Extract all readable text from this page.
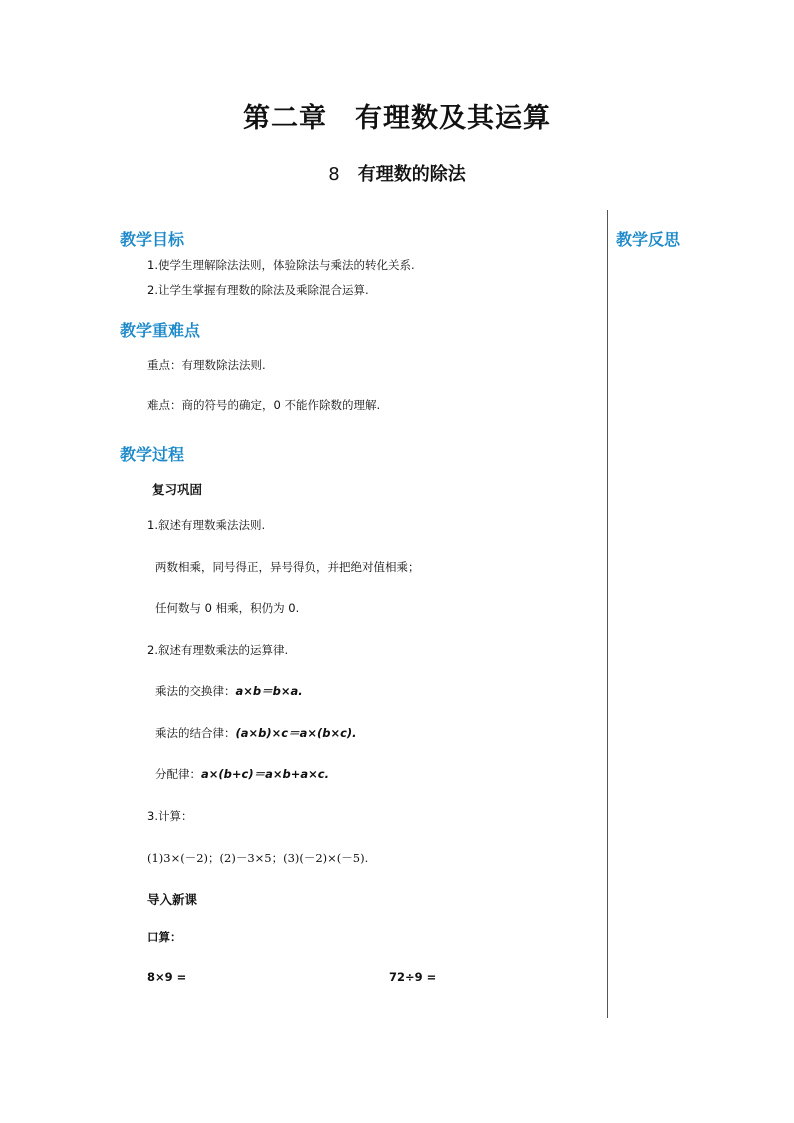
第二章　有理数及其运算
8 有理数的除法
教学反思
教学目标
1.使学生理解除法法则，体验除法与乘法的转化关系.
2.让学生掌握有理数的除法及乘除混合运算.
教学重难点
重点：有理数除法法则.
难点：商的符号的确定，0 不能作除数的理解.
教学过程
复习巩固
1.叙述有理数乘法法则.
两数相乘，同号得正，异号得负，并把绝对值相乘；
任何数与 0 相乘，积仍为 0.
2.叙述有理数乘法的运算律.
乘法的交换律：a×b＝b×a.
乘法的结合律：(a×b)×c＝a×(b×c).
分配律：a×(b+c)＝a×b+a×c.
3.计算：
(1)3×(－2)；(2)－3×5；(3)(－2)×(－5).
导入新课
口算：
8×9 =	72÷9 =
